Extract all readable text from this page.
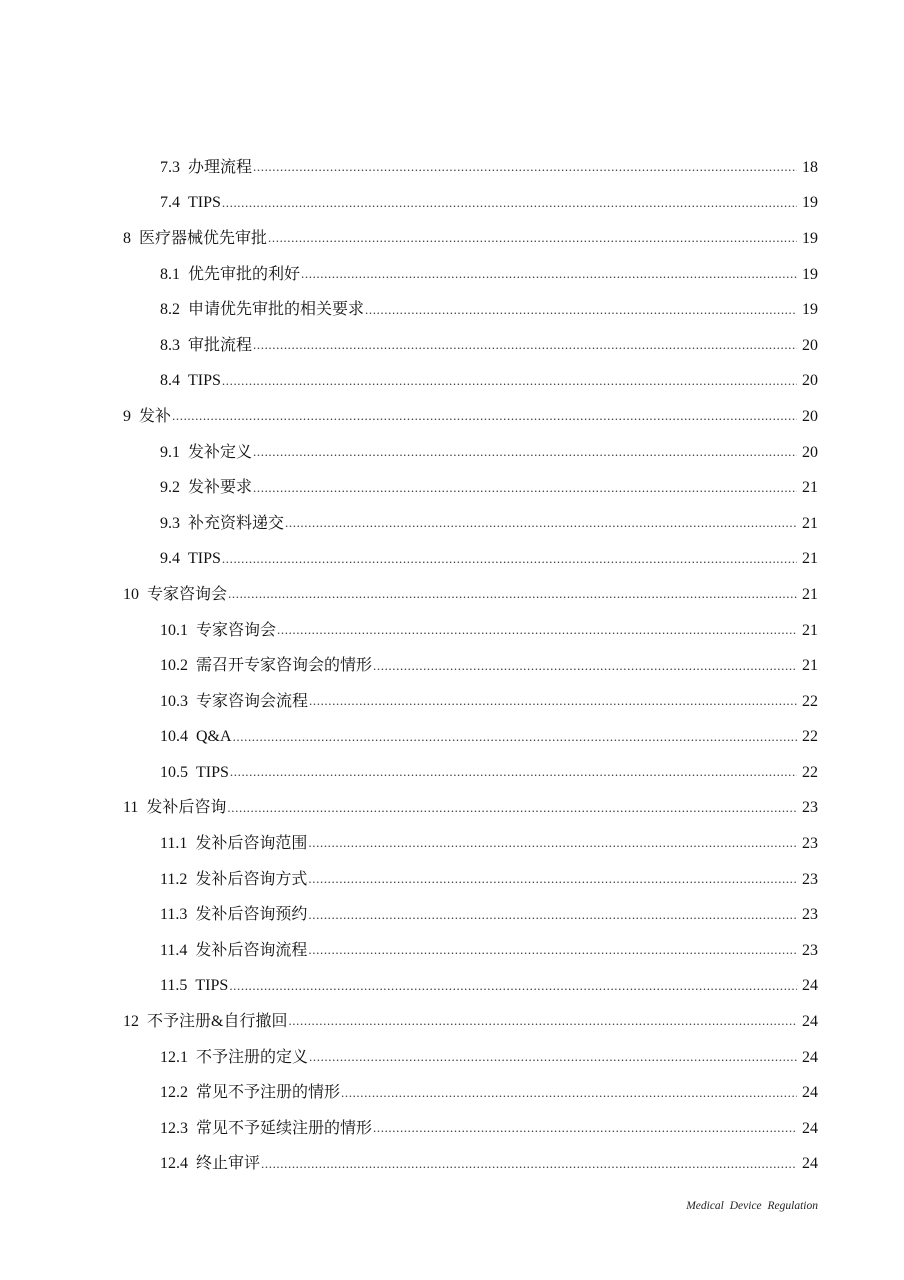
7.3 办理流程 .....	18
7.4 TIPS .....	19
8 医疗器械优先审批 .....	19
8.1 优先审批的利好 .....	19
8.2 申请优先审批的相关要求 .....	19
8.3 审批流程 .....	20
8.4 TIPS .....	20
9 发补 .....	20
9.1 发补定义 .....	20
9.2 发补要求 .....	21
9.3 补充资料递交 .....	21
9.4 TIPS .....	21
10 专家咨询会 .....	21
10.1 专家咨询会 .....	21
10.2 需召开专家咨询会的情形 .....	21
10.3 专家咨询会流程 .....	22
10.4 Q&A .....	22
10.5 TIPS .....	22
11 发补后咨询 .....	23
11.1 发补后咨询范围 .....	23
11.2 发补后咨询方式 .....	23
11.3 发补后咨询预约 .....	23
11.4 发补后咨询流程 .....	23
11.5 TIPS .....	24
12 不予注册&自行撤回 .....	24
12.1 不予注册的定义 .....	24
12.2 常见不予注册的情形 .....	24
12.3 常见不予延续注册的情形 .....	24
12.4 终止审评 .....	24
Medical Device Regulation
